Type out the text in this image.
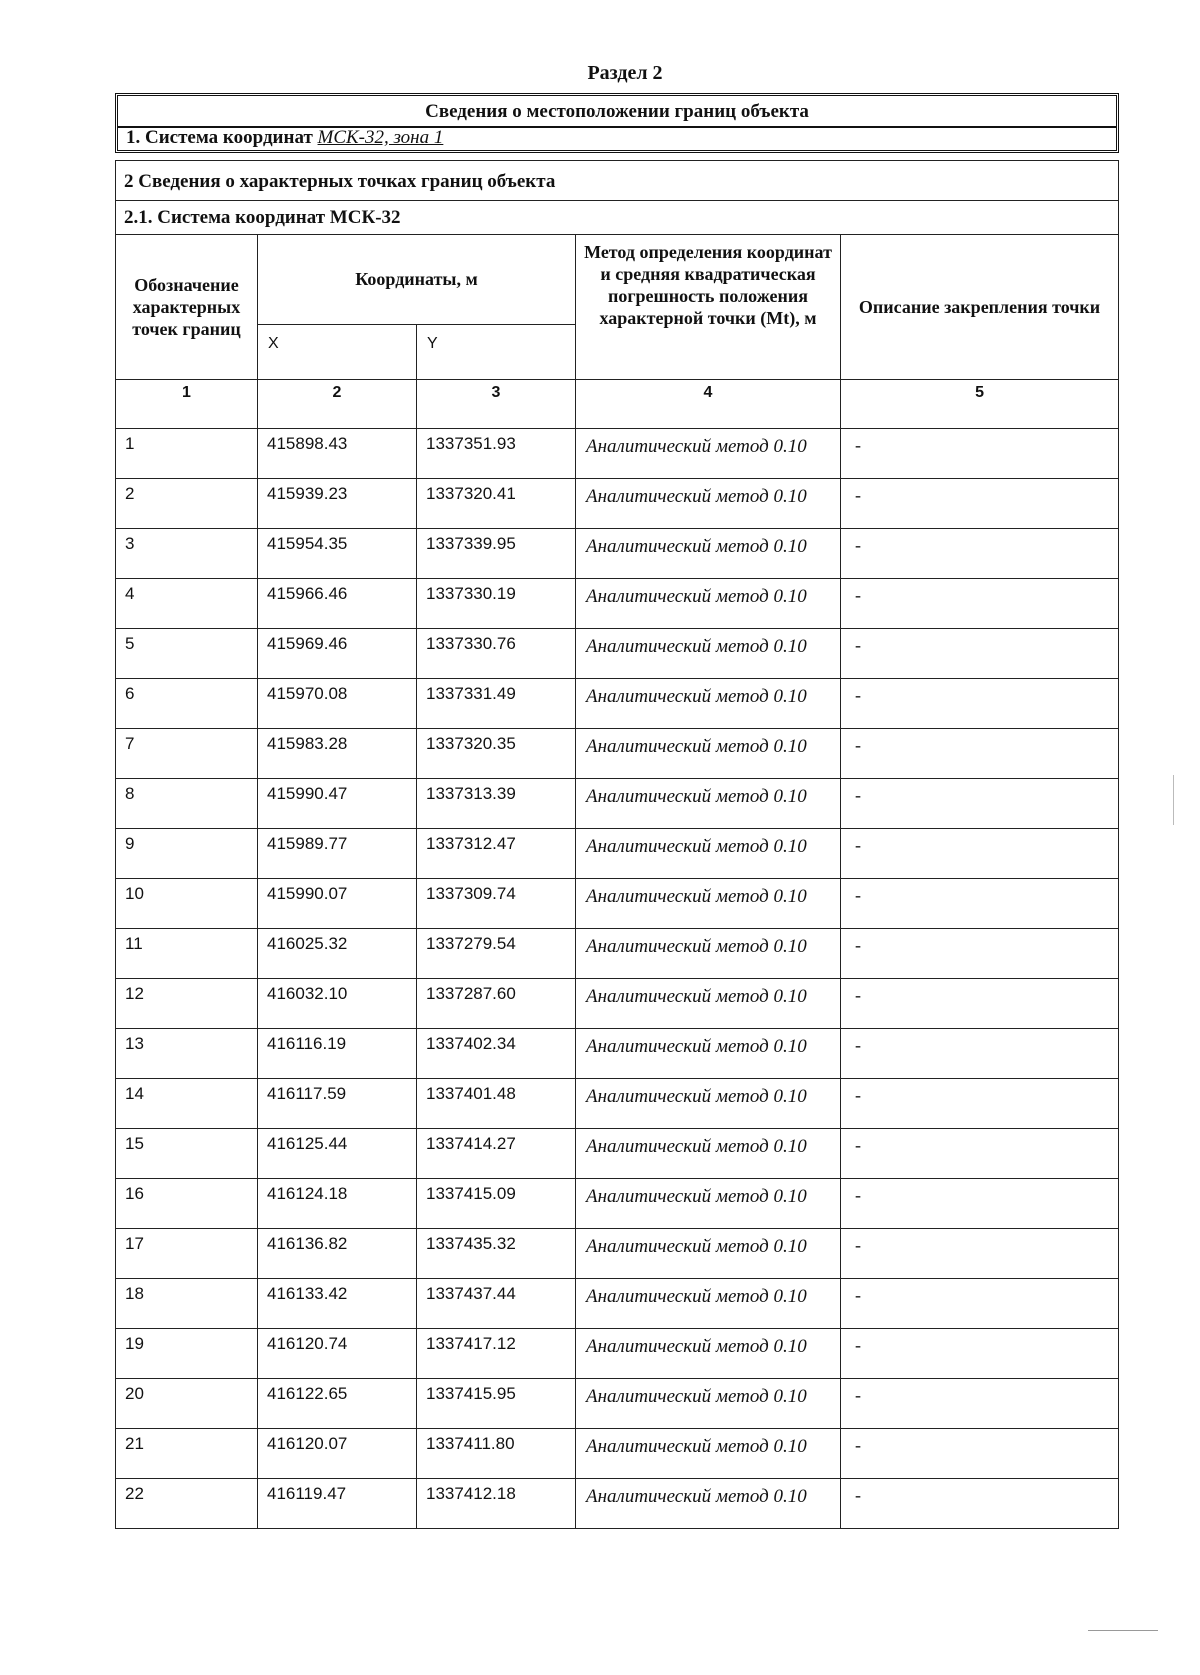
Раздел 2
Сведения о местоположении границ объекта
1. Система координат МСК-32, зона 1
2 Сведения о характерных точках границ объекта				
2.1. Система координат МСК-32				
Обозначение характерных точек границ	Координаты, м		Метод определения координат и средняя квадратическая погрешность положения характерной точки (Mt), м	Описание закрепления точки
	X	Y		
1	2	3	4	5
1	415898.43	1337351.93	Аналитический метод 0.10	-
2	415939.23	1337320.41	Аналитический метод 0.10	-
3	415954.35	1337339.95	Аналитический метод 0.10	-
4	415966.46	1337330.19	Аналитический метод 0.10	-
5	415969.46	1337330.76	Аналитический метод 0.10	-
6	415970.08	1337331.49	Аналитический метод 0.10	-
7	415983.28	1337320.35	Аналитический метод 0.10	-
8	415990.47	1337313.39	Аналитический метод 0.10	-
9	415989.77	1337312.47	Аналитический метод 0.10	-
10	415990.07	1337309.74	Аналитический метод 0.10	-
11	416025.32	1337279.54	Аналитический метод 0.10	-
12	416032.10	1337287.60	Аналитический метод 0.10	-
13	416116.19	1337402.34	Аналитический метод 0.10	-
14	416117.59	1337401.48	Аналитический метод 0.10	-
15	416125.44	1337414.27	Аналитический метод 0.10	-
16	416124.18	1337415.09	Аналитический метод 0.10	-
17	416136.82	1337435.32	Аналитический метод 0.10	-
18	416133.42	1337437.44	Аналитический метод 0.10	-
19	416120.74	1337417.12	Аналитический метод 0.10	-
20	416122.65	1337415.95	Аналитический метод 0.10	-
21	416120.07	1337411.80	Аналитический метод 0.10	-
22	416119.47	1337412.18	Аналитический метод 0.10	-
